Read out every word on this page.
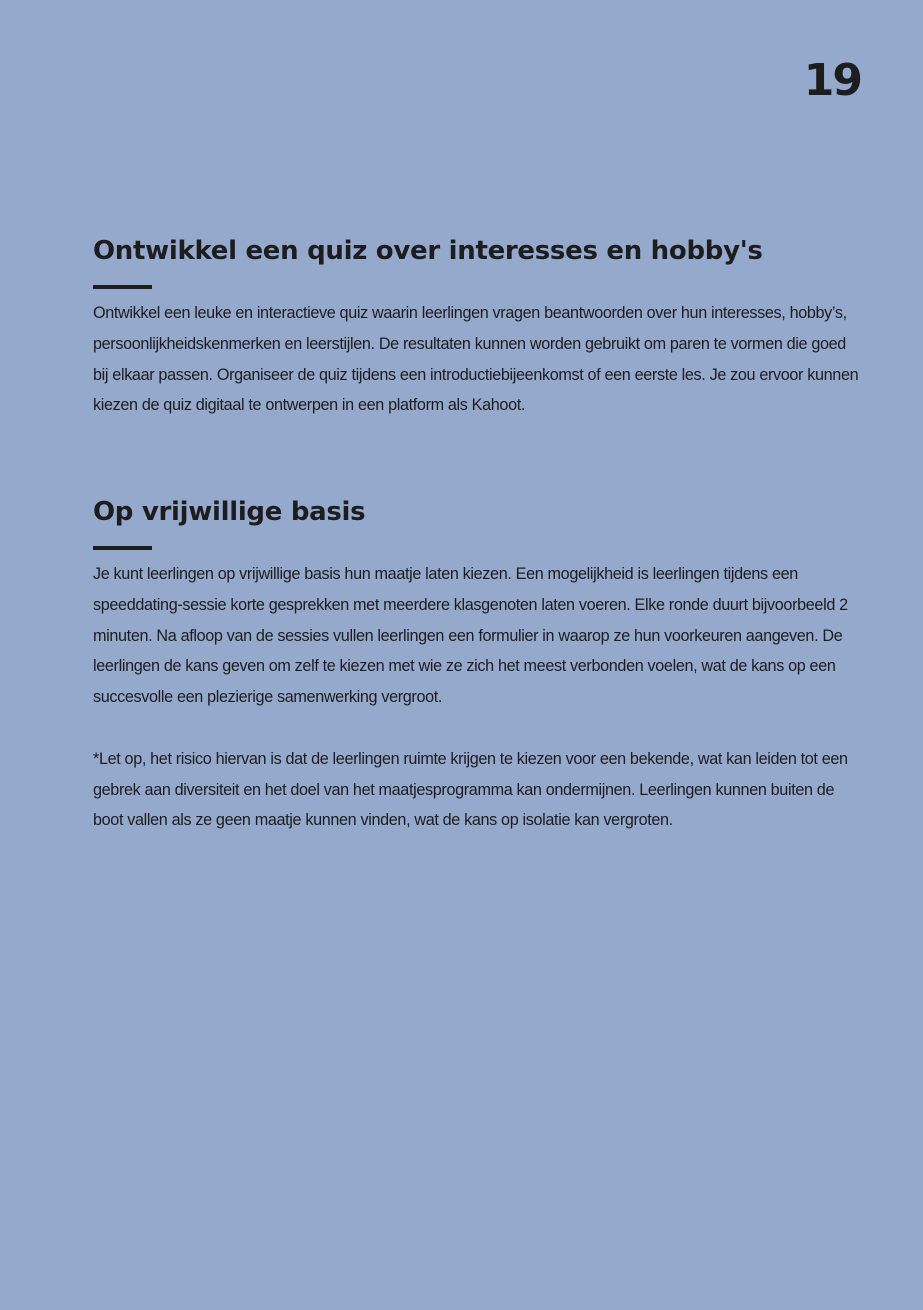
19
Ontwikkel een quiz over interesses en hobby's

Ontwikkel een leuke en interactieve quiz waarin leerlingen vragen beantwoorden over hun interesses, hobby’s, persoonlijkheidskenmerken en leerstijlen. De resultaten kunnen worden gebruikt om paren te vormen die goed bij elkaar passen. Organiseer de quiz tijdens een introductiebijeenkomst of een eerste les. Je zou ervoor kunnen kiezen de quiz digitaal te ontwerpen in een platform als Kahoot.

Op vrijwillige basis

Je kunt leerlingen op vrijwillige basis hun maatje laten kiezen. Een mogelijkheid is leerlingen tijdens een speeddating-sessie korte gesprekken met meerdere klasgenoten laten voeren. Elke ronde duurt bijvoorbeeld 2 minuten. Na afloop van de sessies vullen leerlingen een formulier in waarop ze hun voorkeuren aangeven. De leerlingen de kans geven om zelf te kiezen met wie ze zich het meest verbonden voelen, wat de kans op een succesvolle een plezierige samenwerking vergroot.

*Let op, het risico hiervan is dat de leerlingen ruimte krijgen te kiezen voor een bekende, wat kan leiden tot een gebrek aan diversiteit en het doel van het maatjesprogramma kan ondermijnen. Leerlingen kunnen buiten de boot vallen als ze geen maatje kunnen vinden, wat de kans op isolatie kan vergroten.
